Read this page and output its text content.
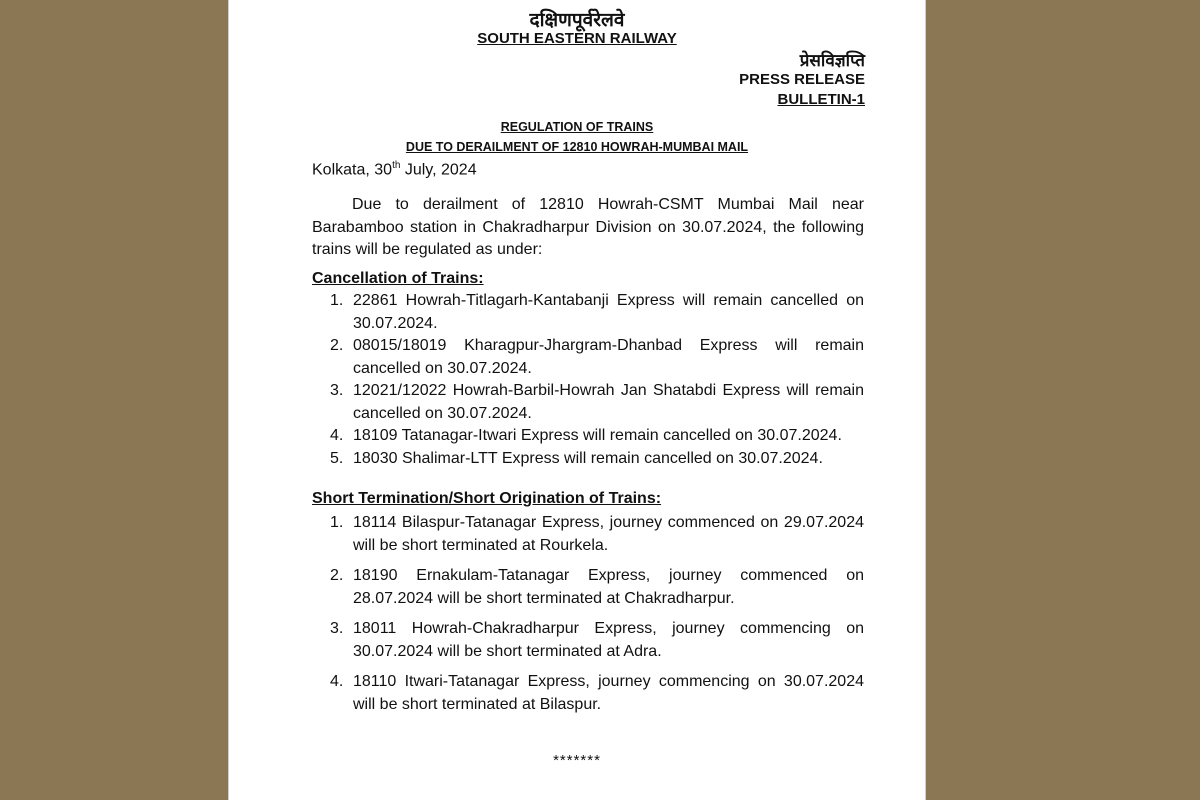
दक्षिणपूर्वरेलवे

SOUTH EASTERN RAILWAY

प्रेसविज्ञप्ति

PRESS RELEASE

BULLETIN-1

REGULATION OF TRAINS

DUE TO DERAILMENT OF 12810 HOWRAH-MUMBAI MAIL

Kolkata, 30th July, 2024

Due to derailment of 12810 Howrah-CSMT Mumbai Mail near Barabamboo station in Chakradharpur Division on 30.07.2024, the following trains will be regulated as under:

Cancellation of Trains:

1. 22861 Howrah-Titlagarh-Kantabanji Express will remain cancelled on 30.07.2024.
2. 08015/18019 Kharagpur-Jhargram-Dhanbad Express will remain cancelled on 30.07.2024.
3. 12021/12022 Howrah-Barbil-Howrah Jan Shatabdi Express will remain cancelled on 30.07.2024.
4. 18109 Tatanagar-Itwari Express will remain cancelled on 30.07.2024.
5. 18030 Shalimar-LTT Express will remain cancelled on 30.07.2024.

Short Termination/Short Origination of Trains:

1. 18114 Bilaspur-Tatanagar Express, journey commenced on 29.07.2024 will be short terminated at Rourkela.
2. 18190 Ernakulam-Tatanagar Express, journey commenced on 28.07.2024 will be short terminated at Chakradharpur.
3. 18011 Howrah-Chakradharpur Express, journey commencing on 30.07.2024 will be short terminated at Adra.
4. 18110 Itwari-Tatanagar Express, journey commencing on 30.07.2024 will be short terminated at Bilaspur.

*******
